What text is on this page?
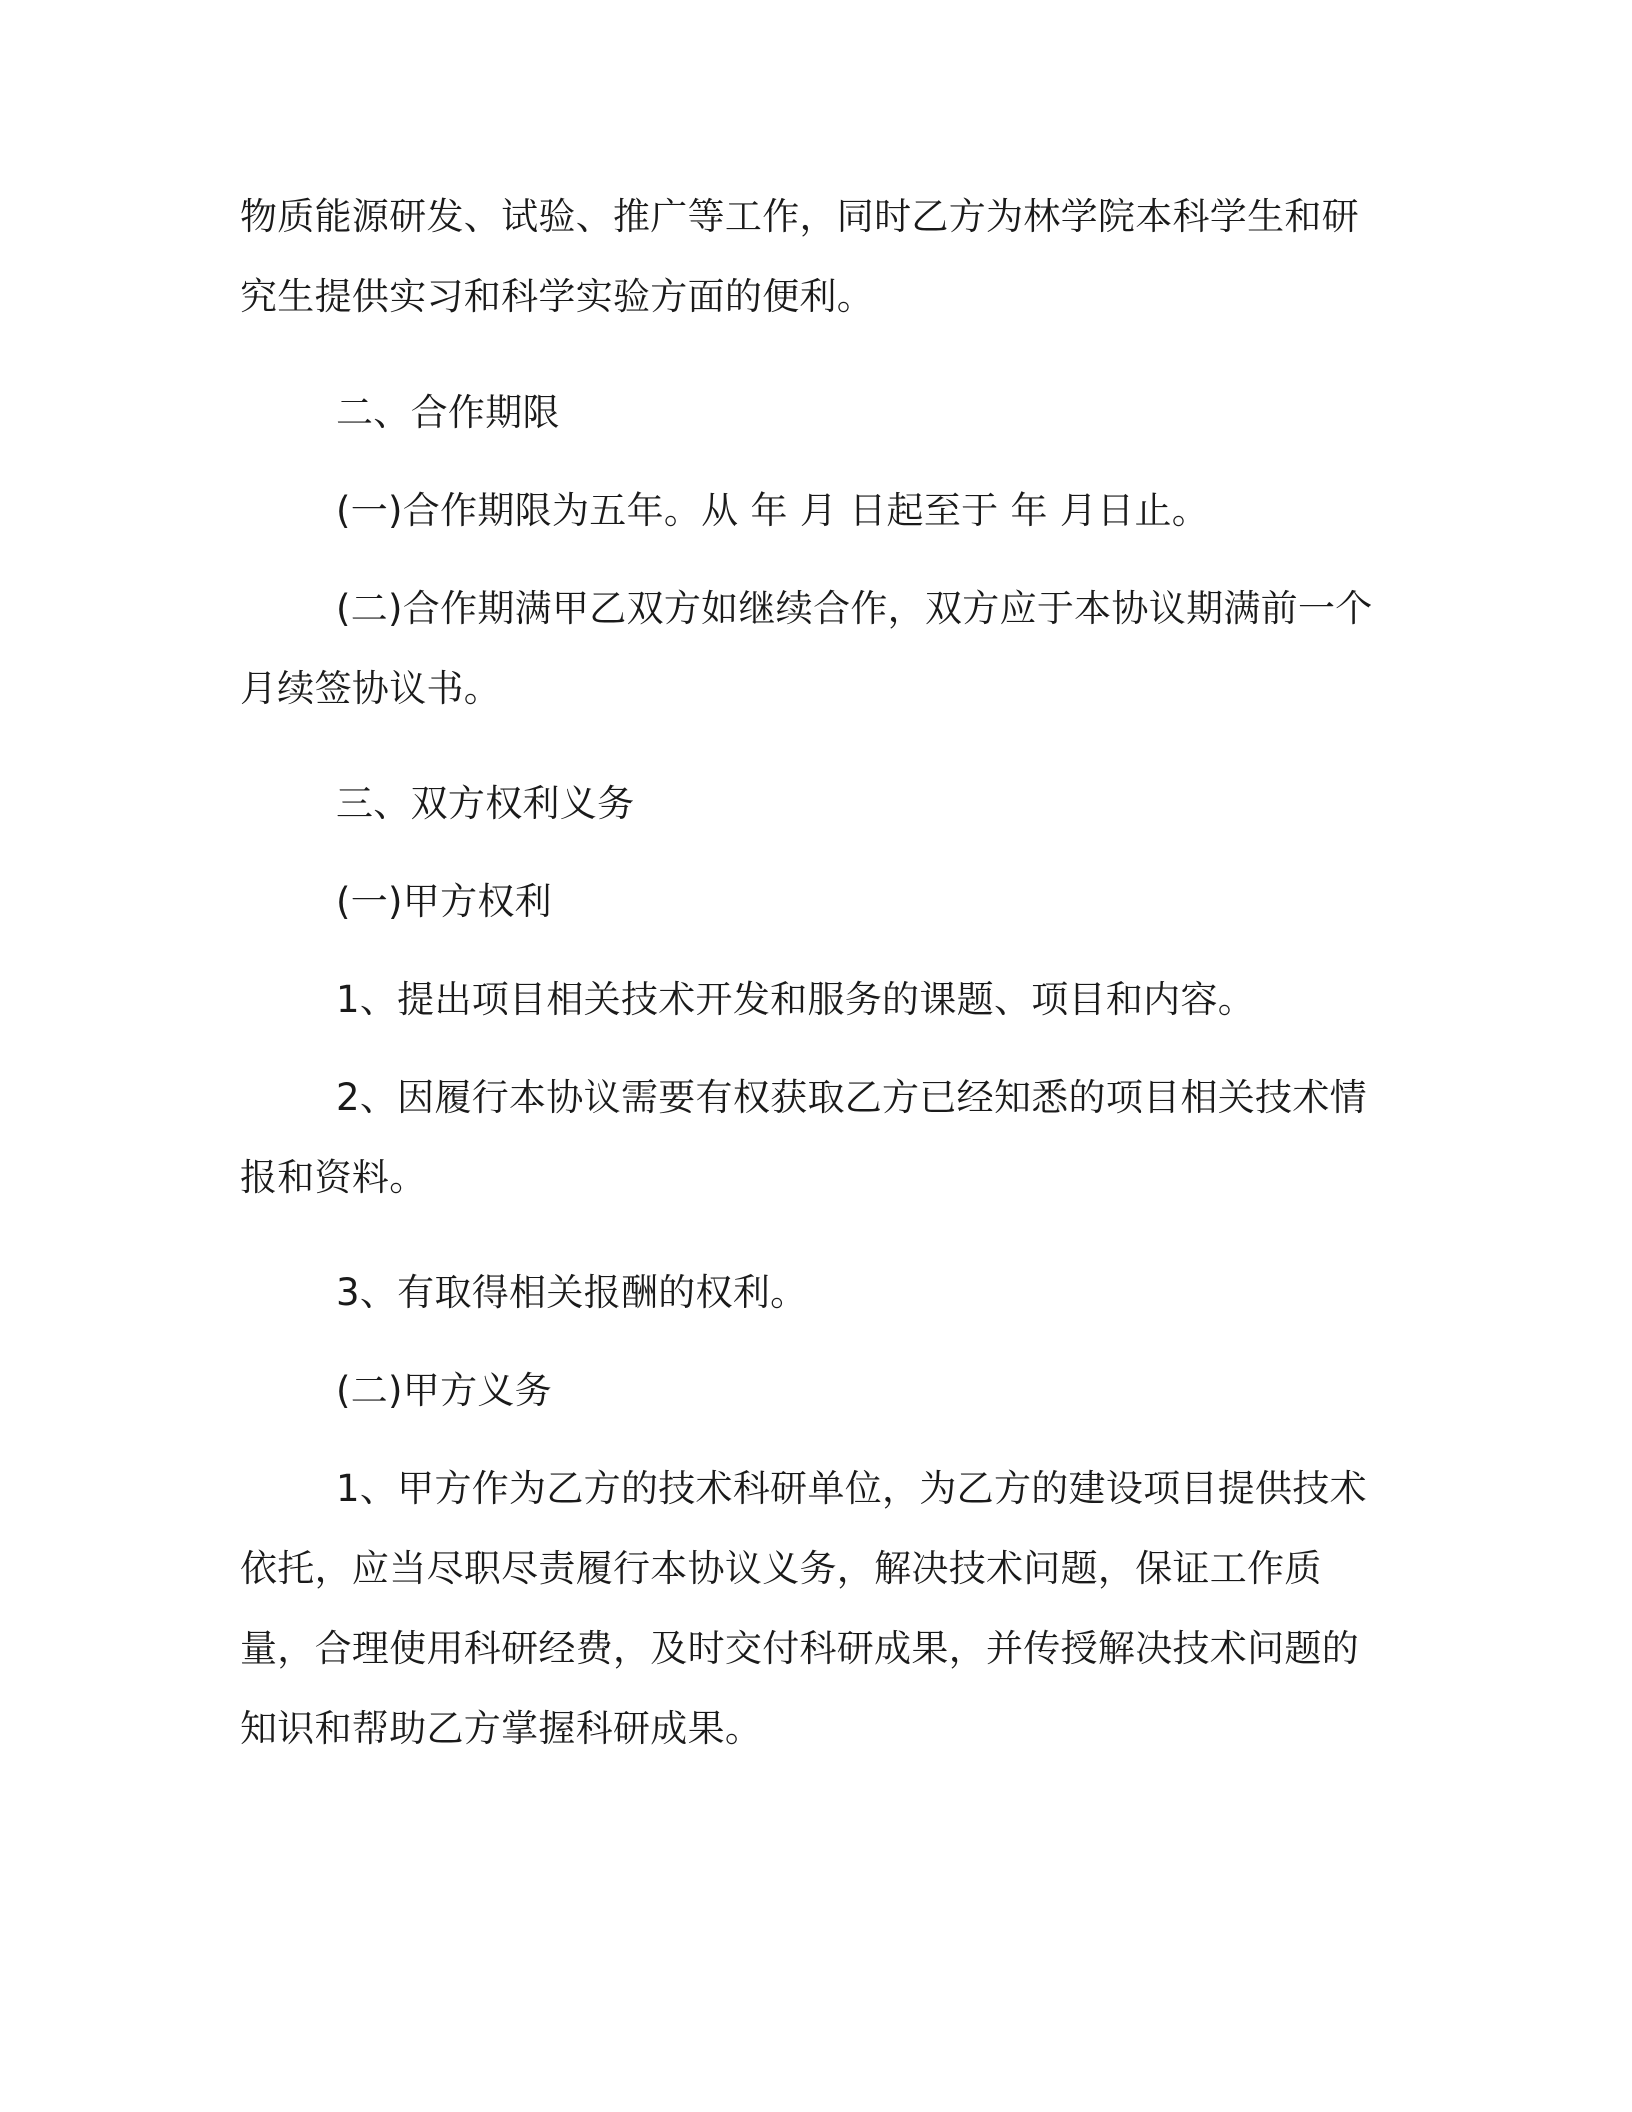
物质能源研发、试验、推广等工作，同时乙方为林学院本科学生和研究生提供实习和科学实验方面的便利。

二、合作期限

(一)合作期限为五年。从 年 月 日起至于 年 月日止。

(二)合作期满甲乙双方如继续合作，双方应于本协议期满前一个月续签协议书。

三、双方权利义务

(一)甲方权利

1、提出项目相关技术开发和服务的课题、项目和内容。

2、因履行本协议需要有权获取乙方已经知悉的项目相关技术情报和资料。

3、有取得相关报酬的权利。

(二)甲方义务

1、甲方作为乙方的技术科研单位，为乙方的建设项目提供技术依托，应当尽职尽责履行本协议义务，解决技术问题，保证工作质量，合理使用科研经费，及时交付科研成果，并传授解决技术问题的知识和帮助乙方掌握科研成果。
